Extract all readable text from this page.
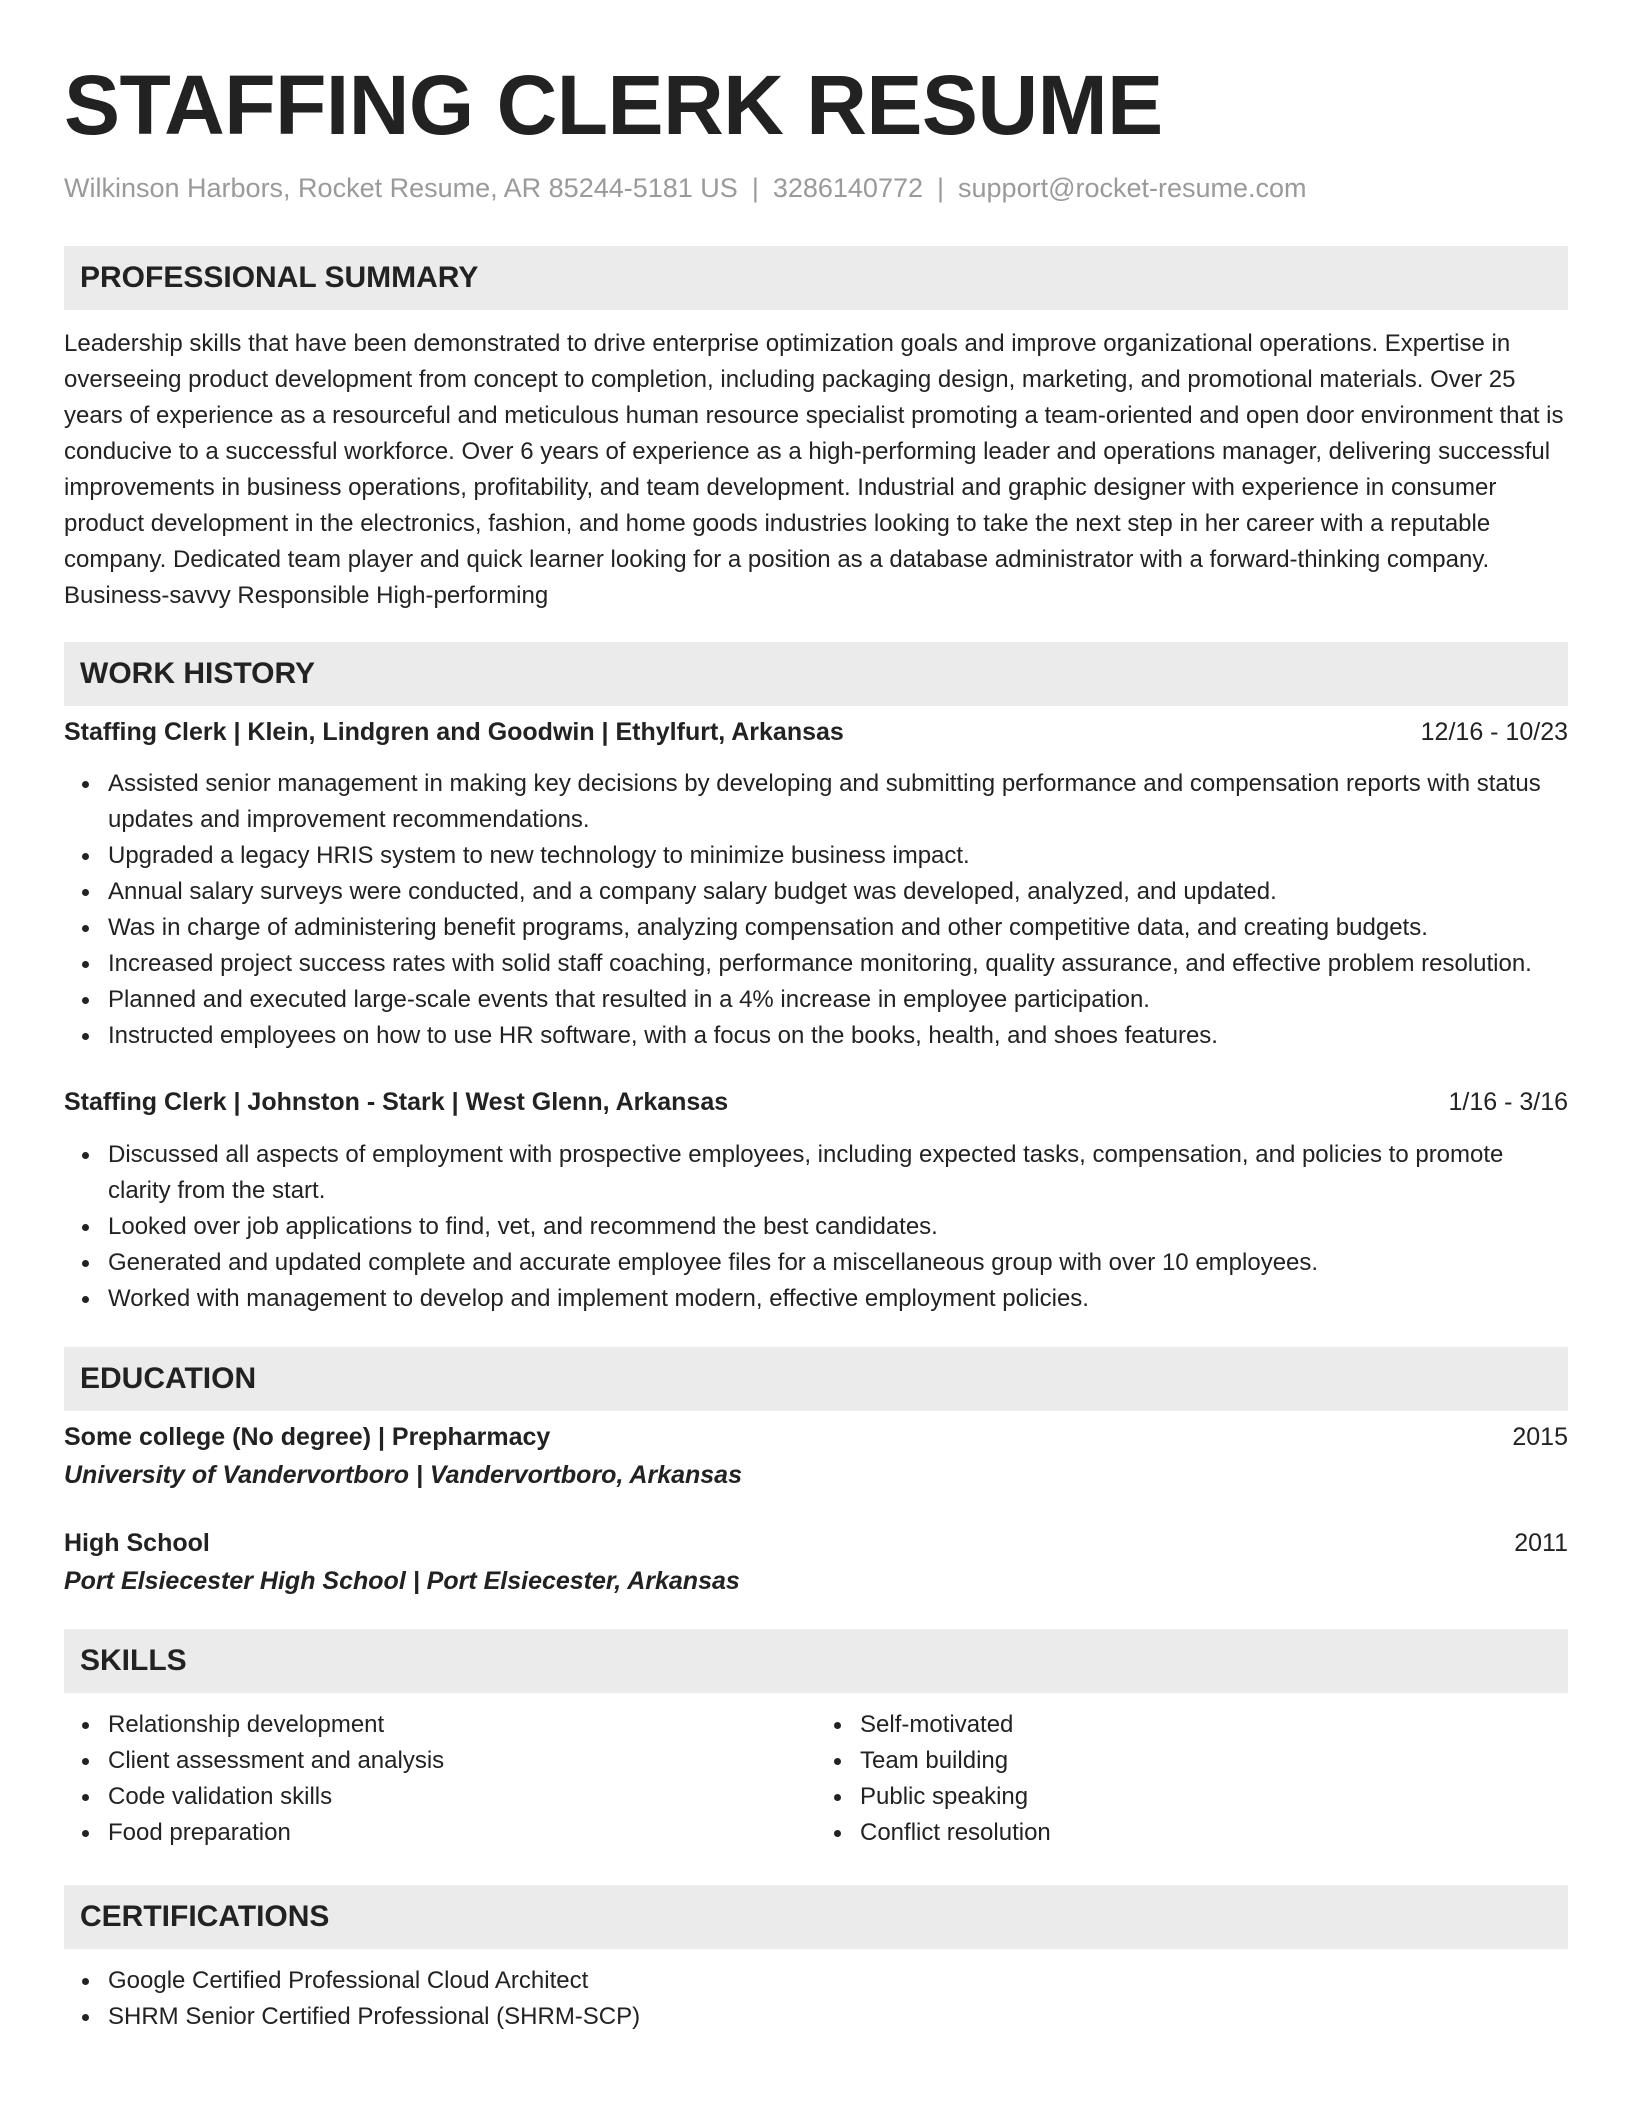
STAFFING CLERK RESUME
Wilkinson Harbors, Rocket Resume, AR 85244-5181 US | 3286140772 | support@rocket-resume.com
PROFESSIONAL SUMMARY

Leadership skills that have been demonstrated to drive enterprise optimization goals and improve organizational operations. Expertise in overseeing product development from concept to completion, including packaging design, marketing, and promotional materials. Over 25 years of experience as a resourceful and meticulous human resource specialist promoting a team-oriented and open door environment that is conducive to a successful workforce. Over 6 years of experience as a high-performing leader and operations manager, delivering successful improvements in business operations, profitability, and team development. Industrial and graphic designer with experience in consumer product development in the electronics, fashion, and home goods industries looking to take the next step in her career with a reputable company. Dedicated team player and quick learner looking for a position as a database administrator with a forward-thinking company. Business-savvy Responsible High-performing

WORK HISTORY
Staffing Clerk | Klein, Lindgren and Goodwin | Ethylfurt, Arkansas	12/16 - 10/23
Assisted senior management in making key decisions by developing and submitting performance and compensation reports with status updates and improvement recommendations.
Upgraded a legacy HRIS system to new technology to minimize business impact.
Annual salary surveys were conducted, and a company salary budget was developed, analyzed, and updated.
Was in charge of administering benefit programs, analyzing compensation and other competitive data, and creating budgets.
Increased project success rates with solid staff coaching, performance monitoring, quality assurance, and effective problem resolution.
Planned and executed large-scale events that resulted in a 4% increase in employee participation.
Instructed employees on how to use HR software, with a focus on the books, health, and shoes features.
Staffing Clerk | Johnston - Stark | West Glenn, Arkansas	1/16 - 3/16
Discussed all aspects of employment with prospective employees, including expected tasks, compensation, and policies to promote clarity from the start.
Looked over job applications to find, vet, and recommend the best candidates.
Generated and updated complete and accurate employee files for a miscellaneous group with over 10 employees.
Worked with management to develop and implement modern, effective employment policies.
EDUCATION
Some college (No degree) | Prepharmacy	2015
University of Vandervortboro | Vandervortboro, Arkansas
High School	2011
Port Elsiecester High School | Port Elsiecester, Arkansas
SKILLS
Relationship development
Client assessment and analysis
Code validation skills
Food preparation
Self-motivated
Team building
Public speaking
Conflict resolution
CERTIFICATIONS
Google Certified Professional Cloud Architect
SHRM Senior Certified Professional (SHRM-SCP)
